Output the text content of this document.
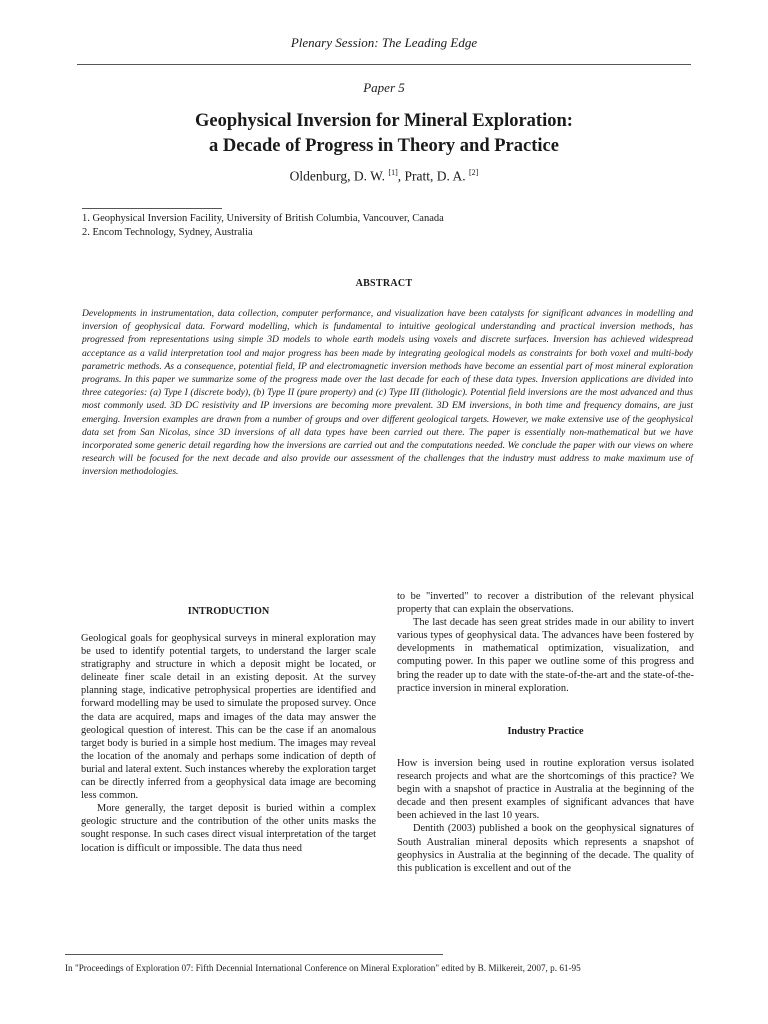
Plenary Session: The Leading Edge
Paper 5
Geophysical Inversion for Mineral Exploration:
a Decade of Progress in Theory and Practice
Oldenburg, D. W. [1], Pratt, D. A. [2]
1. Geophysical Inversion Facility, University of British Columbia, Vancouver, Canada
2. Encom Technology, Sydney, Australia
ABSTRACT
Developments in instrumentation, data collection, computer performance, and visualization have been catalysts for significant advances in modelling and inversion of geophysical data. Forward modelling, which is fundamental to intuitive geological understanding and practical inversion methods, has progressed from representations using simple 3D models to whole earth models using voxels and discrete surfaces. Inversion has achieved widespread acceptance as a valid interpretation tool and major progress has been made by integrating geological models as constraints for both voxel and multi-body parametric methods. As a consequence, potential field, IP and electromagnetic inversion methods have become an essential part of most mineral exploration programs. In this paper we summarize some of the progress made over the last decade for each of these data types. Inversion applications are divided into three categories: (a) Type I (discrete body), (b) Type II (pure property) and (c) Type III (lithologic). Potential field inversions are the most advanced and thus most commonly used. 3D DC resistivity and IP inversions are becoming more prevalent. 3D EM inversions, in both time and frequency domains, are just emerging. Inversion examples are drawn from a number of groups and over different geological targets. However, we make extensive use of the geophysical data set from San Nicolas, since 3D inversions of all data types have been carried out there. The paper is essentially non-mathematical but we have incorporated some generic detail regarding how the inversions are carried out and the computations needed. We conclude the paper with our views on where research will be focused for the next decade and also provide our assessment of the challenges that the industry must address to make maximum use of inversion methodologies.
INTRODUCTION

Geological goals for geophysical surveys in mineral exploration may be used to identify potential targets, to understand the larger scale stratigraphy and structure in which a deposit might be located, or delineate finer scale detail in an existing deposit. At the survey planning stage, indicative petrophysical properties are identified and forward modelling may be used to simulate the proposed survey. Once the data are acquired, maps and images of the data may answer the geological question of interest. This can be the case if an anomalous target body is buried in a simple host medium. The images may reveal the location of the anomaly and perhaps some indication of depth of burial and lateral extent. Such instances whereby the exploration target can be directly inferred from a geophysical data image are becoming less common.

More generally, the target deposit is buried within a complex geologic structure and the contribution of the other units masks the sought response. In such cases direct visual interpretation of the target location is difficult or impossible. The data thus need

to be "inverted" to recover a distribution of the relevant physical property that can explain the observations.

The last decade has seen great strides made in our ability to invert various types of geophysical data. The advances have been fostered by developments in mathematical optimization, visualization, and computing power. In this paper we outline some of this progress and bring the reader up to date with the state-of-the-art and the state-of-the-practice inversion in mineral exploration.

Industry Practice

How is inversion being used in routine exploration versus isolated research projects and what are the shortcomings of this practice? We begin with a snapshot of practice in Australia at the beginning of the decade and then present examples of significant advances that have been achieved in the last 10 years.

Dentith (2003) published a book on the geophysical signatures of South Australian mineral deposits which represents a snapshot of geophysics in Australia at the beginning of the decade. The quality of this publication is excellent and out of the

In "Proceedings of Exploration 07: Fifth Decennial International Conference on Mineral Exploration" edited by B. Milkereit, 2007, p. 61-95
